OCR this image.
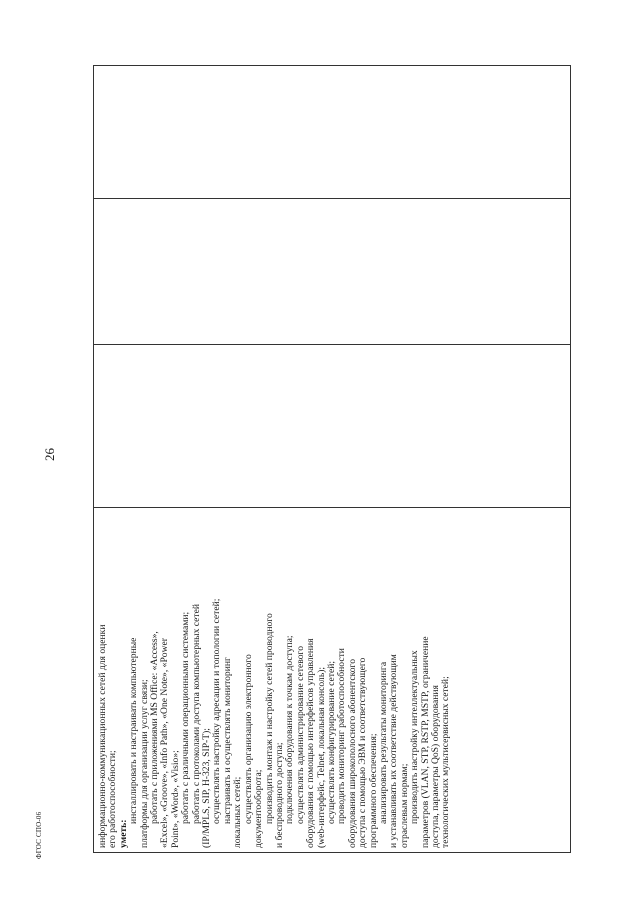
ФГОС СПО-06
26
информационно-коммуникационных сетей для оценки его работоспособности; уметь:
инсталлировать и настраивать компьютерные платформы для организации услуг связи; работать с приложениями MS Office: «Access», «Excel», «Groove», «Info Path», «One Note», «Power Point», «Word», «Visio»; работать с различными операционными системами; работать с протоколами доступа компьютерных сетей (IP/MPLS, SIP, H-323, SIP-T); осуществлять настройку адресации и топологии сетей; настраивать и осуществлять мониторинг локальных сетей; осуществлять организацию электронного документооборота; производить монтаж и настройку сетей проводного и беспроводного доступа; подключения оборудования к точкам доступа; осуществлять администрирование сетевого оборудования с помощью интерфейсов управления (web-интерфейс, Telnet, локальная консоль); осуществлять конфигурирование сетей; проводить мониторинг работоспособности оборудования широкополосного абонентского доступа с помощью ЭВМ и соответствующего программного обеспечения; анализировать результаты мониторинга и устанавливать их соответствие действующим отраслевым нормам; производить настройку интеллектуальных параметров (VLAN, STP, RSTP, MSTP, ограничение доступа, параметры QoS) оборудования технологических мультисервисных сетей;
